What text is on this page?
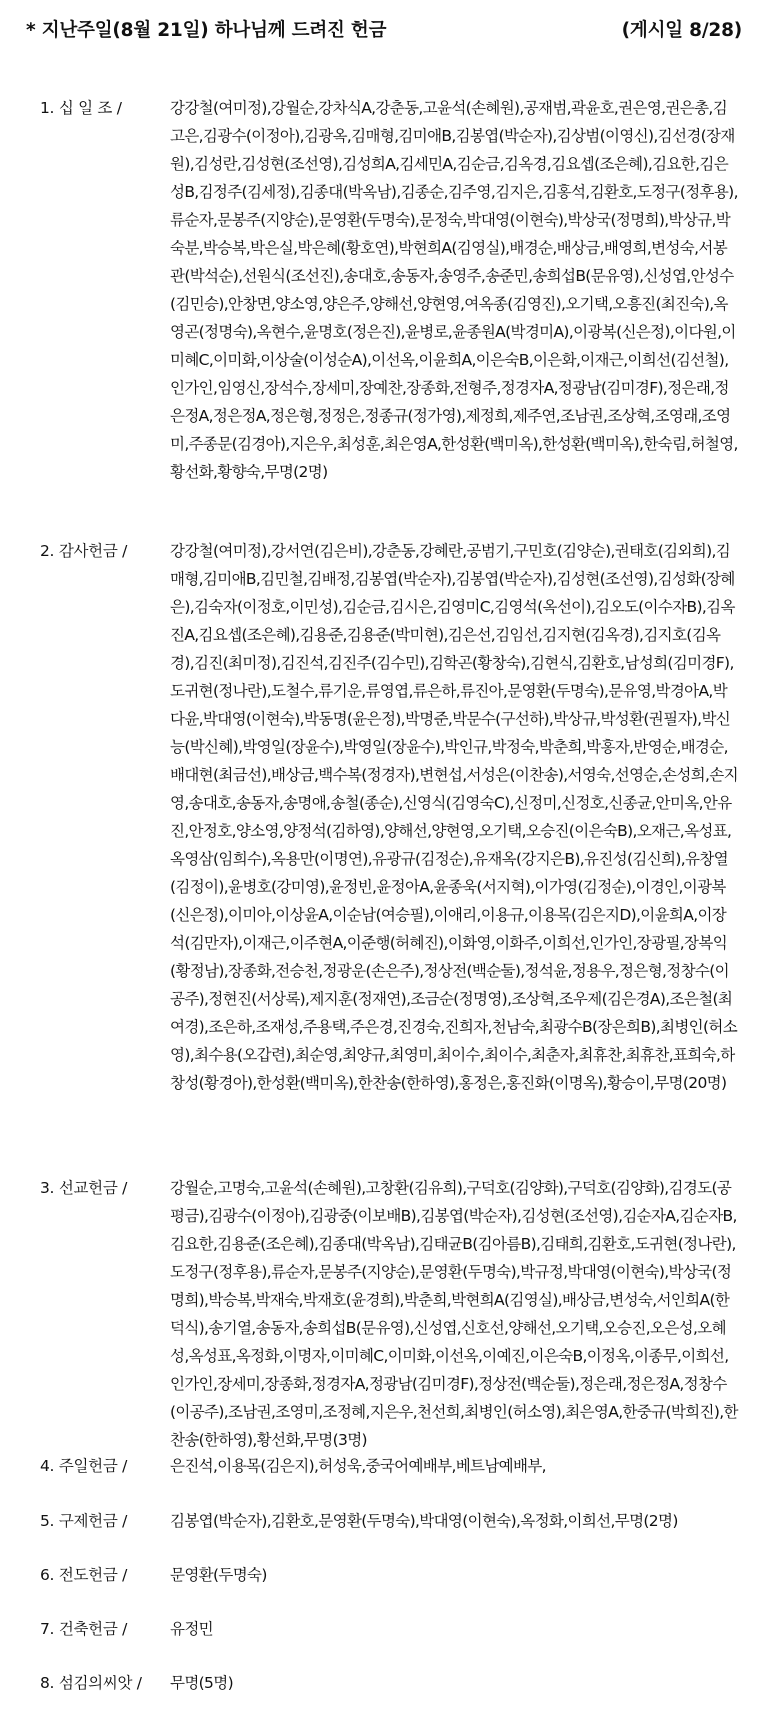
* 지난주일(8월 21일) 하나님께 드려진 헌금	(게시일 8/28)
1. 십 일 조 /	강강철(여미정),강월순,강차식A,강춘동,고윤석(손혜원),공재범,곽윤호,권은영,권은총,김고은,김광수(이정아),김광옥,김매형,김미애B,김봉엽(박순자),김상범(이영신),김선경(장재원),김성란,김성현(조선영),김성희A,김세민A,김순금,김옥경,김요셉(조은혜),김요한,김은성B,김정주(김세정),김종대(박옥남),김종순,김주영,김지은,김홍석,김환호,도정구(정후용),류순자,문봉주(지양순),문영환(두명숙),문정숙,박대영(이현숙),박상국(정명희),박상규,박숙분,박승복,박은실,박은혜(황호연),박현희A(김영실),배경순,배상금,배영희,변성숙,서봉관(박석순),선원식(조선진),송대호,송동자,송영주,송준민,송희섭B(문유영),신성엽,안성수(김민승),안창면,양소영,양은주,양해선,양현영,여옥종(김영진),오기택,오흥진(최진숙),옥영곤(정명숙),옥현수,윤명호(정은진),윤병로,윤종원A(박경미A),이광복(신은정),이다원,이미혜C,이미화,이상술(이성순A),이선옥,이윤희A,이은숙B,이은화,이재근,이희선(김선철),인가인,임영신,장석수,장세미,장예찬,장종화,전형주,정경자A,정광남(김미경F),정은래,정은정A,정은정A,정은형,정정은,정종규(정가영),제정희,제주연,조남권,조상혁,조영래,조영미,주종문(김경아),지은우,최성훈,최은영A,한성환(백미옥),한성환(백미옥),한숙림,허철영,황선화,황향숙,무명(2명)
2. 감사헌금 /	강강철(여미정),강서연(김은비),강춘동,강혜란,공범기,구민호(김양순),권태호(김외희),김매형,김미애B,김민철,김배정,김봉엽(박순자),김봉엽(박순자),김성현(조선영),김성화(장혜은),김숙자(이정호,이민성),김순금,김시은,김영미C,김영석(옥선이),김오도(이수자B),김옥진A,김요셉(조은혜),김용준,김용준(박미현),김은선,김임선,김지현(김옥경),김지호(김옥경),김진(최미정),김진석,김진주(김수민),김학곤(황창숙),김현식,김환호,남성희(김미경F),도귀현(정나란),도철수,류기운,류영엽,류은하,류진아,문영환(두명숙),문유영,박경아A,박다윤,박대영(이현숙),박동명(윤은정),박명준,박문수(구선하),박상규,박성환(권필자),박신능(박신혜),박영일(장윤수),박영일(장윤수),박인규,박정숙,박춘희,박홍자,반영순,배경순,배대현(최금선),배상금,백수복(정경자),변현섭,서성은(이찬송),서영숙,선영순,손성희,손지영,송대호,송동자,송명애,송철(종순),신영식(김영숙C),신정미,신정호,신종균,안미옥,안유진,안정호,양소영,양정석(김하영),양해선,양현영,오기택,오승진(이은숙B),오재근,옥성표,옥영삼(임희수),옥용만(이명연),유광규(김정순),유재옥(강지은B),유진성(김신희),유창열(김정이),윤병호(강미영),윤정빈,윤정아A,윤종욱(서지혁),이가영(김정순),이경인,이광복(신은정),이미아,이상윤A,이순남(여승필),이애리,이용규,이용목(김은지D),이윤희A,이장석(김만자),이재근,이주현A,이준행(허혜진),이화영,이화주,이희선,인가인,장광필,장복익(황정남),장종화,전승천,정광운(손은주),정상전(백순둘),정석윤,정용우,정은형,정창수(이공주),정현진(서상록),제지훈(정재연),조금순(정명영),조상혁,조우제(김은경A),조은철(최여경),조은하,조재성,주용택,주은경,진경숙,진희자,천남숙,최광수B(장은희B),최병인(허소영),최수용(오갑련),최순영,최양규,최영미,최이수,최이수,최춘자,최휴찬,최휴찬,표희숙,하창성(황경아),한성환(백미옥),한찬송(한하영),홍정은,홍진화(이명옥),황승이,무명(20명)
3. 선교헌금 /	강월순,고명숙,고윤석(손혜원),고창환(김유희),구덕호(김양화),구덕호(김양화),김경도(공평금),김광수(이정아),김광중(이보배B),김봉엽(박순자),김성현(조선영),김순자A,김순자B,김요한,김용준(조은혜),김종대(박옥남),김태균B(김아름B),김태희,김환호,도귀현(정나란),도정구(정후용),류순자,문봉주(지양순),문영환(두명숙),박규정,박대영(이현숙),박상국(정명희),박승복,박재숙,박재호(윤경희),박춘희,박현희A(김영실),배상금,변성숙,서인희A(한덕식),송기열,송동자,송희섭B(문유영),신성엽,신호선,양해선,오기택,오승진,오은성,오혜성,옥성표,옥정화,이명자,이미혜C,이미화,이선옥,이예진,이은숙B,이정옥,이종무,이희선,인가인,장세미,장종화,정경자A,정광남(김미경F),정상전(백순둘),정은래,정은정A,정창수(이공주),조남권,조영미,조정혜,지은우,천선희,최병인(허소영),최은영A,한중규(박희진),한찬송(한하영),황선화,무명(3명)
4. 주일헌금 /	은진석,이용목(김은지),허성욱,중국어예배부,베트남예배부,
5. 구제헌금 /	김봉엽(박순자),김환호,문영환(두명숙),박대영(이현숙),옥정화,이희선,무명(2명)
6. 전도헌금 /	문영환(두명숙)
7. 건축헌금 /	유정민
8. 섬김의씨앗 /	무명(5명)
